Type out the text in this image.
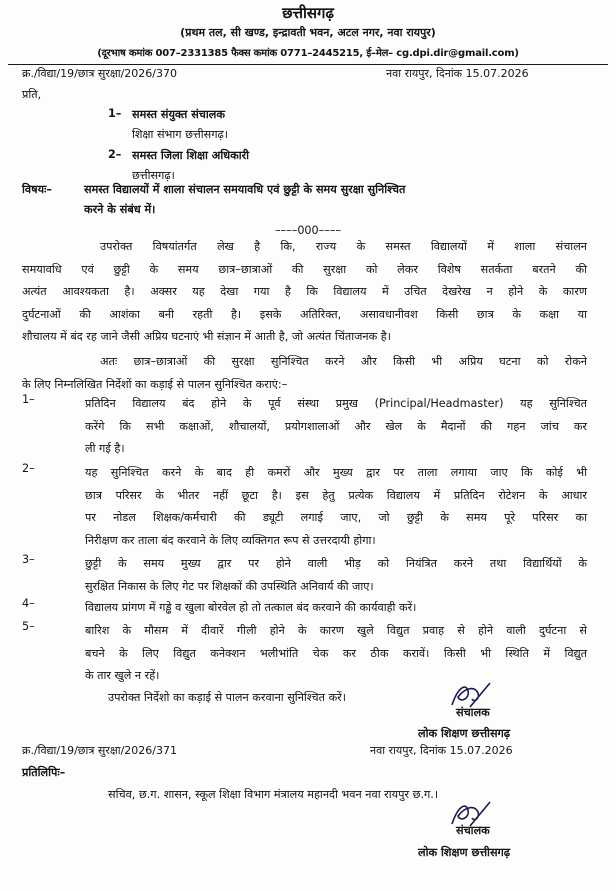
छत्तीसगढ़
(प्रथम तल, सी खण्ड, इन्द्रावती भवन, अटल नगर, नवा रायपुर)
(दूरभाष कमांक 007–2331385 फैक्स कमांक 0771–2445215, ई–मेल– cg.dpi.dir@gmail.com)
क्र./विद्या/19/छात्र सुरक्षा/2026/370	नवा रायपुर, दिनांक 15.07.2026
प्रति,
1– समस्त संयुक्त संचालक
शिक्षा संभाग छत्तीसगढ़।
2– समस्त जिला शिक्षा अधिकारी
छत्तीसगढ़।
विषयः–	समस्त विद्यालयों में शाला संचालन समयावधि एवं छुट्टी के समय सुरक्षा सुनिश्चित
करने के संबंध में।
––––000––––
उपरोक्त विषयांतर्गत लेख है कि, राज्य के समस्त विद्यालयों में शाला संचालन
समयावधि एवं छुट्टी के समय छात्र–छात्राओं की सुरक्षा को लेकर विशेष सतर्कता बरतने की
अत्यंत आवश्यकता है। अक्सर यह देखा गया है कि विद्यालय में उचित देखरेख न होने के कारण
दुर्घटनाओं की आशंका बनी रहती है। इसके अतिरिक्त, असावधानीवश किसी छात्र के कक्षा या
शौचालय में बंद रह जाने जैसी अप्रिय घटनाएं भी संज्ञान में आती है, जो अत्यंत चिंताजनक है।
अतः छात्र–छात्राओं की सुरक्षा सुनिश्चित करने और किसी भी अप्रिय घटना को रोकने
के लिए निम्नलिखित निर्देशों का कड़ाई से पालन सुनिश्चित कराएं:–
1–	प्रतिदिन विद्यालय बंद होने के पूर्व संस्था प्रमुख (Principal/Headmaster) यह सुनिश्चित
करेंगे कि सभी कक्षाओं, शौचालयों, प्रयोगशालाओं और खेल के मैदानों की गहन जांच कर
ली गई है।
2–	यह सुनिश्चित करने के बाद ही कमरों और मुख्य द्वार पर ताला लगाया जाए कि कोई भी
छात्र परिसर के भीतर नहीं छूटा है। इस हेतु प्रत्येक विद्यालय में प्रतिदिन रोटेशन के आधार
पर नोडल शिक्षक/कर्मचारी की ड्यूटी लगाई जाए, जो छुट्टी के समय पूरे परिसर का
निरीक्षण कर ताला बंद करवाने के लिए व्यक्तिगत रूप से उत्तरदायी होगा।
3–	छुट्टी के समय मुख्य द्वार पर होने वाली भीड़ को नियंत्रित करने तथा विद्यार्थियों के
सुरक्षित निकास के लिए गेट पर शिक्षकों की उपस्थिति अनिवार्य की जाए।
4–	विद्यालय प्रांगण में गड्ढे व खुला बोरवेल हो तो तत्काल बंद करवाने की कार्यवाही करें।
5–	बारिश के मौसम में दीवारें गीली होने के कारण खुले विद्युत प्रवाह से होने वाली दुर्घटना से
बचने के लिए विद्युत कनेक्शन भलीभांति चेक कर ठीक करावें। किसी भी स्थिति में विद्युत
के तार खुले न रहें।
उपरोक्त निर्देशो का कड़ाई से पालन करवाना सुनिश्चित करें।
संचालक
लोक शिक्षण छत्तीसगढ़
क्र./विद्या/19/छात्र सुरक्षा/2026/371	नवा रायपुर, दिनांक 15.07.2026
प्रतिलिपिः–
सचिव, छ.ग. शासन, स्कूल शिक्षा विभाग मंत्रालय महानदी भवन नवा रायपुर छ.ग.।
संचालक
लोक शिक्षण छत्तीसगढ़
